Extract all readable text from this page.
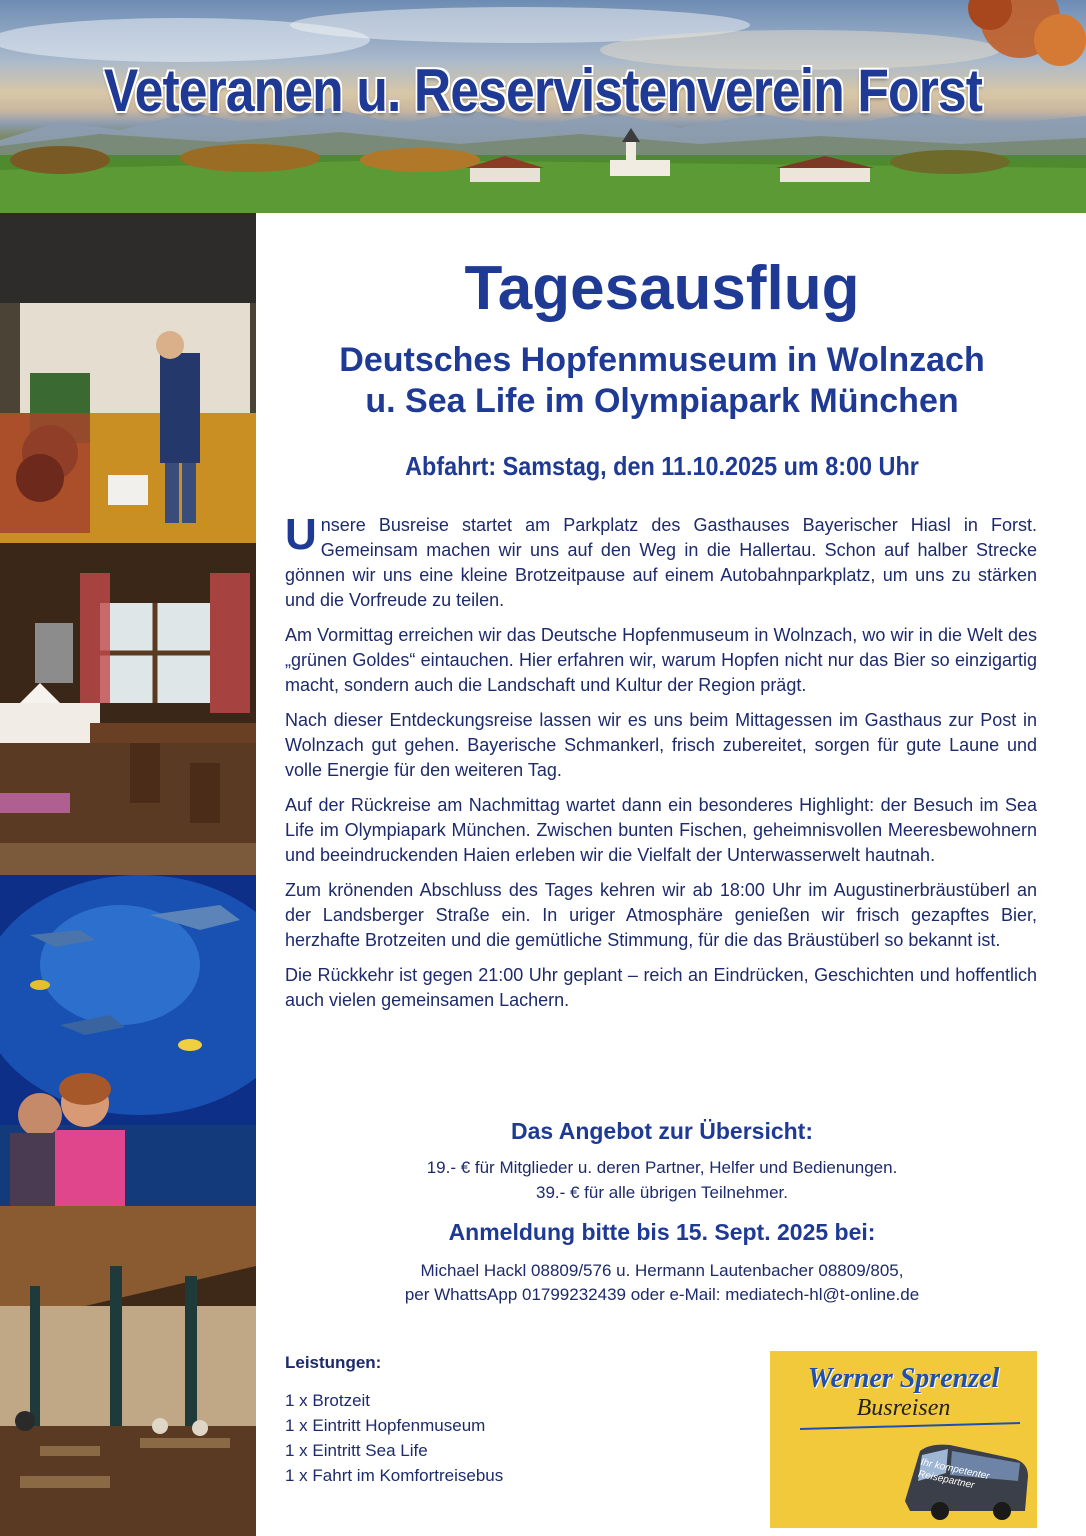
Veteranen u. Reservistenverein Forst
Tagesausflug
Deutsches Hopfenmuseum in Wolnzach
u. Sea Life im Olympiapark München
Abfahrt: Samstag, den 11.10.2025 um 8:00 Uhr

Unsere Busreise startet am Parkplatz des Gasthauses Bayerischer Hiasl in Forst. Gemeinsam machen wir uns auf den Weg in die Hallertau. Schon auf halber Strecke gönnen wir uns eine kleine Brotzeitpause auf einem Autobahnparkplatz, um uns zu stärken und die Vorfreude zu teilen.

Am Vormittag erreichen wir das Deutsche Hopfenmuseum in Wolnzach, wo wir in die Welt des „grünen Goldes“ eintauchen. Hier erfahren wir, warum Hopfen nicht nur das Bier so einzigartig macht, sondern auch die Landschaft und Kultur der Region prägt.

Nach dieser Entdeckungsreise lassen wir es uns beim Mittagessen im Gasthaus zur Post in Wolnzach gut gehen. Bayerische Schmankerl, frisch zubereitet, sorgen für gute Laune und volle Energie für den weiteren Tag.

Auf der Rückreise am Nachmittag wartet dann ein besonderes Highlight: der Besuch im Sea Life im Olympiapark München. Zwischen bunten Fischen, geheimnisvollen Meeresbewohnern und beeindruckenden Haien erleben wir die Vielfalt der Unterwasserwelt hautnah.

Zum krönenden Abschluss des Tages kehren wir ab 18:00 Uhr im Augustinerbräustüberl an der Landsberger Straße ein. In uriger Atmosphäre genießen wir frisch gezapftes Bier, herzhafte Brotzeiten und die gemütliche Stimmung, für die das Bräustüberl so bekannt ist.

Die Rückkehr ist gegen 21:00 Uhr geplant – reich an Eindrücken, Geschichten und hoffentlich auch vielen gemeinsamen Lachern.

Das Angebot zur Übersicht:
19.- € für Mitglieder u. deren Partner, Helfer und Bedienungen.
39.- € für alle übrigen Teilnehmer.
Anmeldung bitte bis 15. Sept. 2025 bei:
Michael Hackl 08809/576 u. Hermann Lautenbacher 08809/805,
per WhattsApp 01799232439 oder e-Mail: mediatech-hl@t-online.de
Leistungen:
1 x Brotzeit
1 x Eintritt Hopfenmuseum
1 x Eintritt Sea Life
1 x Fahrt im Komfortreisebus
Werner Sprenzel
Busreisen
Ihr kompetenter Reisepartner
